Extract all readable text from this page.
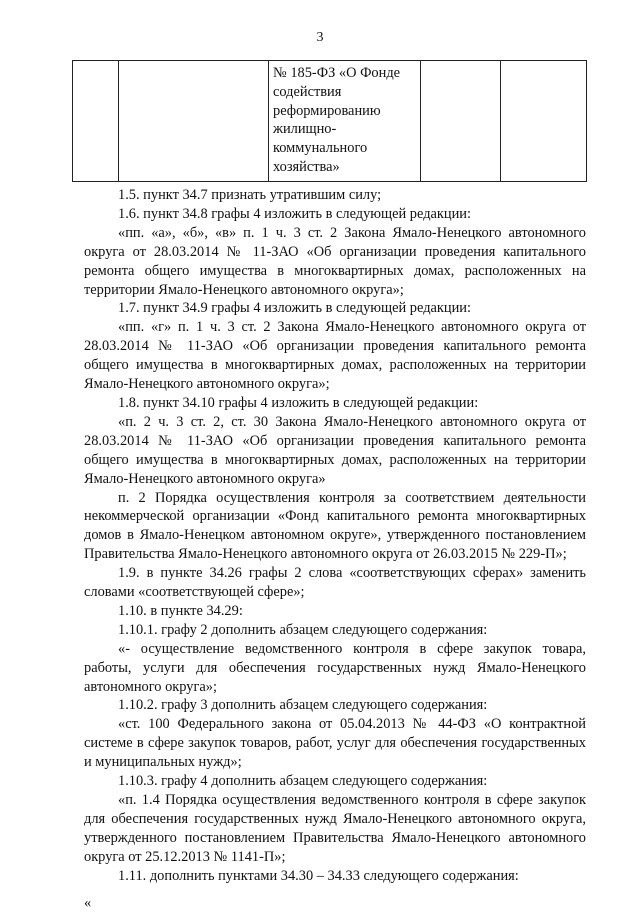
3
		№ 185-ФЗ «О Фонде содействия реформированию жилищно-коммунального хозяйства»		

1.5. пункт 34.7 признать утратившим силу;

1.6. пункт 34.8 графы 4 изложить в следующей редакции:

«пп. «а», «б», «в» п. 1 ч. 3 ст. 2 Закона Ямало-Ненецкого автономного округа от 28.03.2014 № 11-ЗАО «Об организации проведения капитального ремонта общего имущества в многоквартирных домах, расположенных на территории Ямало-Ненецкого автономного округа»;

1.7. пункт 34.9 графы 4 изложить в следующей редакции:

«пп. «г» п. 1 ч. 3 ст. 2 Закона Ямало-Ненецкого автономного округа от 28.03.2014 № 11-ЗАО «Об организации проведения капитального ремонта общего имущества в многоквартирных домах, расположенных на территории Ямало-Ненецкого автономного округа»;

1.8. пункт 34.10 графы 4 изложить в следующей редакции:

«п. 2 ч. 3 ст. 2, ст. 30 Закона Ямало-Ненецкого автономного округа от 28.03.2014 № 11-ЗАО «Об организации проведения капитального ремонта общего имущества в многоквартирных домах, расположенных на территории Ямало-Ненецкого автономного округа»

п. 2 Порядка осуществления контроля за соответствием деятельности некоммерческой организации «Фонд капитального ремонта многоквартирных домов в Ямало-Ненецком автономном округе», утвержденного постановлением Правительства Ямало-Ненецкого автономного округа от 26.03.2015 № 229-П»;

1.9. в пункте 34.26 графы 2 слова «соответствующих сферах» заменить словами «соответствующей сфере»;

1.10. в пункте 34.29:

1.10.1. графу 2 дополнить абзацем следующего содержания:

«- осуществление ведомственного контроля в сфере закупок товара, работы, услуги для обеспечения государственных нужд Ямало-Ненецкого автономного округа»;

1.10.2. графу 3 дополнить абзацем следующего содержания:

«ст. 100 Федерального закона от 05.04.2013 № 44-ФЗ «О контрактной системе в сфере закупок товаров, работ, услуг для обеспечения государственных и муниципальных нужд»;

1.10.3. графу 4 дополнить абзацем следующего содержания:

«п. 1.4 Порядка осуществления ведомственного контроля в сфере закупок для обеспечения государственных нужд Ямало-Ненецкого автономного округа, утвержденного постановлением Правительства Ямало-Ненецкого автономного округа от 25.12.2013 № 1141-П»;

1.11. дополнить пунктами 34.30 – 34.33 следующего содержания:

«
